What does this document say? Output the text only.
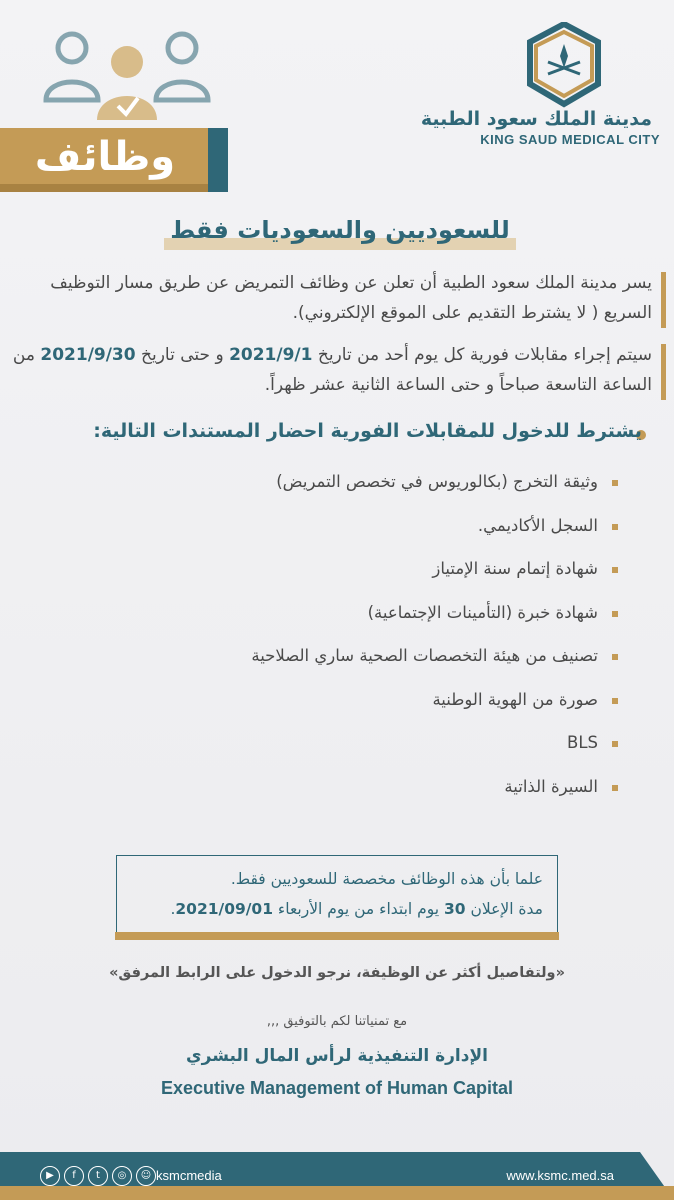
مدينة الملك سعود الطبية
KING SAUD MEDICAL CITY
وظائف
للسعوديين والسعوديات فقط
يسر مدينة الملك سعود الطبية أن تعلن عن وظائف التمريض عن طريق مسار التوظيف
السريع ( لا يشترط التقديم على الموقع الإلكتروني).
سيتم إجراء مقابلات فورية كل يوم أحد من تاريخ 2021/9/1 و حتى تاريخ 2021/9/30 من
الساعة التاسعة صباحاً و حتى الساعة الثانية عشر ظهراً.
يشترط للدخول للمقابلات الفورية احضار المستندات التالية:
وثيقة التخرج (بكالوريوس في تخصص التمريض)
السجل الأكاديمي.
شهادة إتمام سنة الإمتياز
شهادة خبرة (التأمينات الإجتماعية)
تصنيف من هيئة التخصصات الصحية ساري الصلاحية
صورة من الهوية الوطنية
BLS
السيرة الذاتية
علما بأن هذه الوظائف مخصصة للسعوديين فقط.
مدة الإعلان 30 يوم ابتداء من يوم الأربعاء 2021/09/01.
«ولتفاصيل أكثر عن الوظيفة، نرجو الدخول على الرابط المرفق»
مع تمنياتنا لكم بالتوفيق ,,,
الإدارة التنفيذية لرأس المال البشري
Executive Management of Human Capital
▶	f	t	◎	☺ ksmcmedia	www.ksmc.med.sa
